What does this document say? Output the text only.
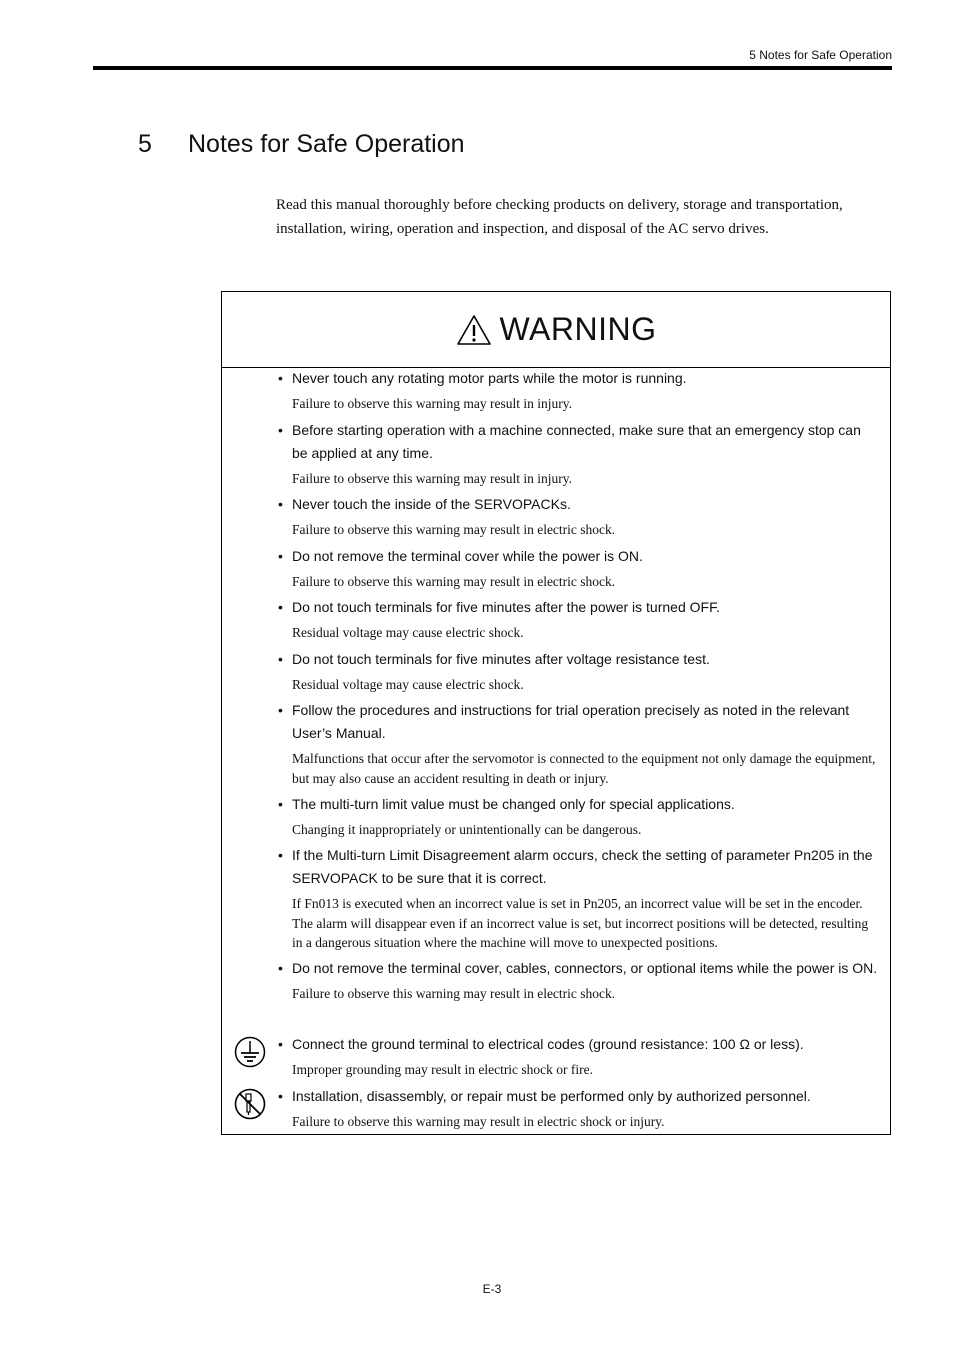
5 Notes for Safe Operation
5 Notes for Safe Operation

Read this manual thoroughly before checking products on delivery, storage and transportation, installation, wiring, operation and inspection, and disposal of the AC servo drives.

WARNING
• Never touch any rotating motor parts while the motor is running.
Failure to observe this warning may result in injury.
• Before starting operation with a machine connected, make sure that an emergency stop can be applied at any time.
Failure to observe this warning may result in injury.
• Never touch the inside of the SERVOPACKs.
Failure to observe this warning may result in electric shock.
• Do not remove the terminal cover while the power is ON.
Failure to observe this warning may result in electric shock.
• Do not touch terminals for five minutes after the power is turned OFF.
Residual voltage may cause electric shock.
• Do not touch terminals for five minutes after voltage resistance test.
Residual voltage may cause electric shock.
• Follow the procedures and instructions for trial operation precisely as noted in the relevant User’s Manual.
Malfunctions that occur after the servomotor is connected to the equipment not only damage the equipment, but may also cause an accident resulting in death or injury.
• The multi-turn limit value must be changed only for special applications.
Changing it inappropriately or unintentionally can be dangerous.
• If the Multi-turn Limit Disagreement alarm occurs, check the setting of parameter Pn205 in the SERVOPACK to be sure that it is correct.
If Fn013 is executed when an incorrect value is set in Pn205, an incorrect value will be set in the encoder. The alarm will disappear even if an incorrect value is set, but incorrect positions will be detected, resulting in a dangerous situation where the machine will move to unexpected positions.
• Do not remove the terminal cover, cables, connectors, or optional items while the power is ON.
Failure to observe this warning may result in electric shock.
• Connect the ground terminal to electrical codes (ground resistance: 100 Ω or less).
Improper grounding may result in electric shock or fire.
• Installation, disassembly, or repair must be performed only by authorized personnel.
Failure to observe this warning may result in electric shock or injury.
E-3
